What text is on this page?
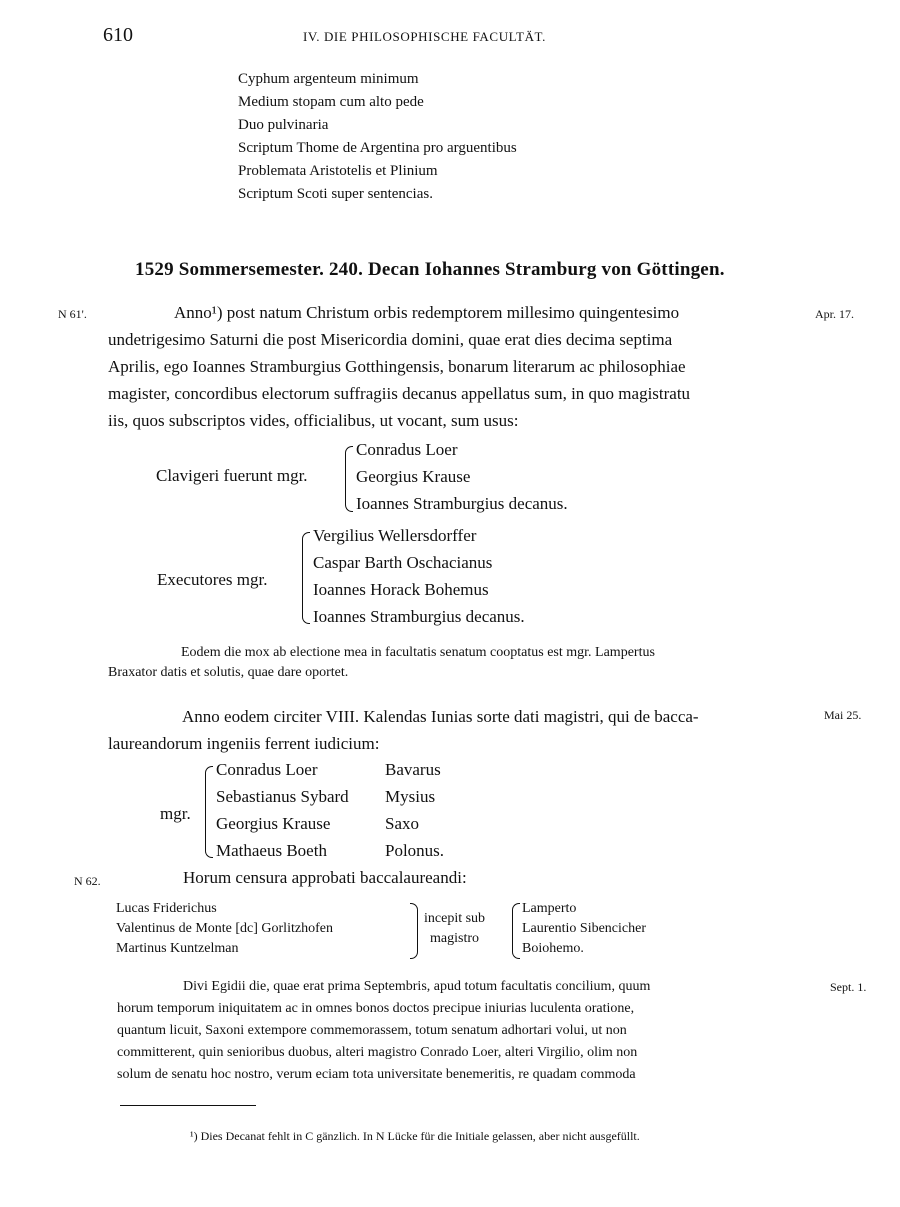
610	IV. DIE PHILOSOPHISCHE FACULTÄT.
Cyphum argenteum minimum
Medium stopam cum alto pede
Duo pulvinaria
Scriptum Thome de Argentina pro arguentibus
Problemata Aristotelis et Plinium
Scriptum Scoti super sentencias.
1529 Sommersemester. 240. Decan Iohannes Stramburg von Göttingen.
N 61'.	Apr. 17.
Mai 25.
N 62.
Sept. 1.
Anno¹) post natum Christum orbis redemptorem millesimo quingentesimo
undetrigesimo Saturni die post Misericordia domini, quae erat dies decima septima
Aprilis, ego Ioannes Stramburgius Gotthingensis, bonarum literarum ac philosophiae
magister, concordibus electorum suffragiis decanus appellatus sum, in quo magistratu
iis, quos subscriptos vides, officialibus, ut vocant, sum usus:
Clavigeri fuerunt mgr.
Conradus Loer
Georgius Krause
Ioannes Stramburgius decanus.
Executores mgr.
Vergilius Wellersdorffer
Caspar Barth Oschacianus
Ioannes Horack Bohemus
Ioannes Stramburgius decanus.
Eodem die mox ab electione mea in facultatis senatum cooptatus est mgr. Lampertus
Braxator datis et solutis, quae dare oportet.
Anno eodem circiter VIII. Kalendas Iunias sorte dati magistri, qui de bacca-
laureandorum ingeniis ferrent iudicium:
mgr.
Conradus Loer
Sebastianus Sybard
Georgius Krause
Mathaeus Boeth
Bavarus
Mysius
Saxo
Polonus.
Horum censura approbati baccalaureandi:
Lucas Friderichus
Valentinus de Monte [dc] Gorlitzhofen
Martinus Kuntzelman
incepit sub
magistro
Lamperto
Laurentio Sibencicher
Boiohemo.
Divi Egidii die, quae erat prima Septembris, apud totum facultatis concilium, quum
horum temporum iniquitatem ac in omnes bonos doctos precipue iniurias luculenta oratione,
quantum licuit, Saxoni extempore commemorassem, totum senatum adhortari volui, ut non
committerent, quin senioribus duobus, alteri magistro Conrado Loer, alteri Virgilio, olim non
solum de senatu hoc nostro, verum eciam tota universitate benemeritis, re quadam commoda
¹) Dies Decanat fehlt in C gänzlich. In N Lücke für die Initiale gelassen, aber nicht ausgefüllt.
